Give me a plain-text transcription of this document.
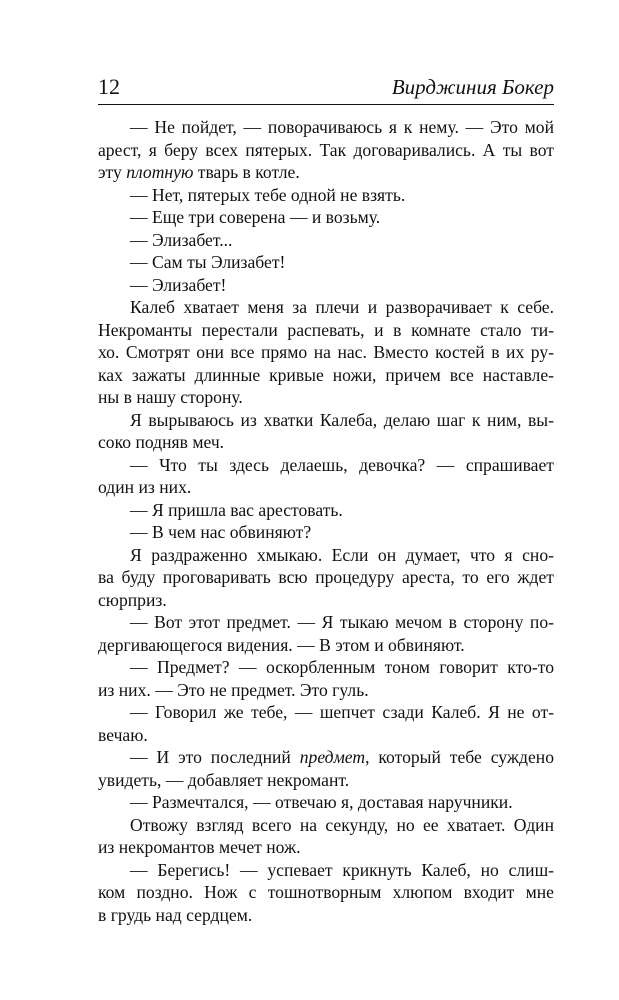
12	Вирджиния Бокер
— Не пойдет, — поворачиваюсь я к нему. — Это мой
арест, я беру всех пятерых. Так договаривались. А ты вот
эту плотную тварь в котле.
— Нет, пятерых тебе одной не взять.
— Еще три соверена — и возьму.
— Элизабет...
— Сам ты Элизабет!
— Элизабет!
Калеб хватает меня за плечи и разворачивает к себе.
Некроманты перестали распевать, и в комнате стало ти-
хо. Смотрят они все прямо на нас. Вместо костей в их ру-
ках зажаты длинные кривые ножи, причем все наставле-
ны в нашу сторону.
Я вырываюсь из хватки Калеба, делаю шаг к ним, вы-
соко подняв меч.
— Что ты здесь делаешь, девочка? — спрашивает
один из них.
— Я пришла вас арестовать.
— В чем нас обвиняют?
Я раздраженно хмыкаю. Если он думает, что я сно-
ва буду проговаривать всю процедуру ареста, то его ждет
сюрприз.
— Вот этот предмет. — Я тыкаю мечом в сторону по-
дергивающегося видения. — В этом и обвиняют.
— Предмет? — оскорбленным тоном говорит кто-то
из них. — Это не предмет. Это гуль.
— Говорил же тебе, — шепчет сзади Калеб. Я не от-
вечаю.
— И это последний предмет, который тебе суждено
увидеть, — добавляет некромант.
— Размечтался, — отвечаю я, доставая наручники.
Отвожу взгляд всего на секунду, но ее хватает. Один
из некромантов мечет нож.
— Берегись! — успевает крикнуть Калеб, но слиш-
ком поздно. Нож с тошнотворным хлюпом входит мне
в грудь над сердцем.
